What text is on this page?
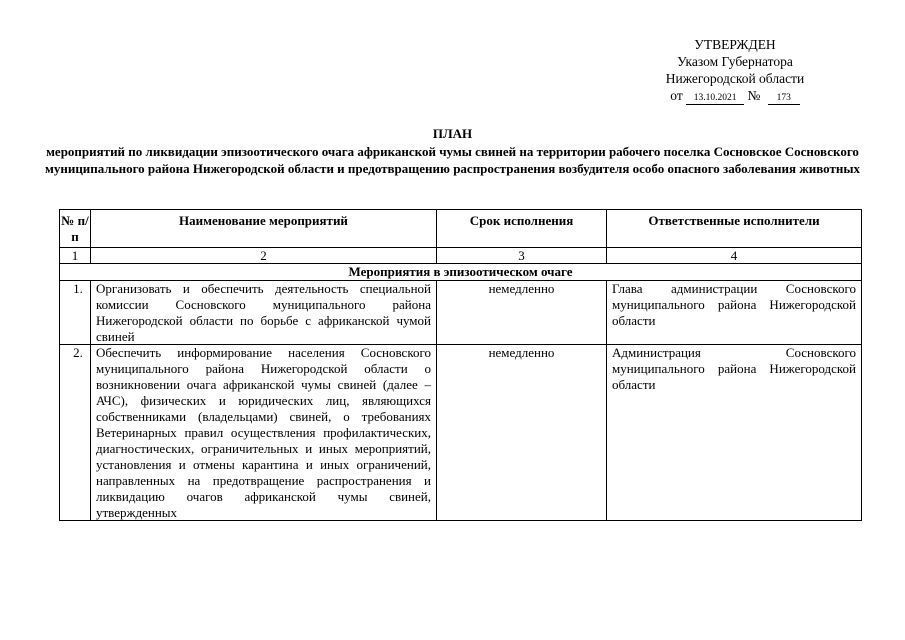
УТВЕРЖДЕН
Указом Губернатора
Нижегородской области
от 13.10.2021 № 173
ПЛАН
мероприятий по ликвидации эпизоотического очага африканской чумы свиней на территории рабочего поселка Сосновское Сосновского муниципального района Нижегородской области и предотвращению распространения возбудителя особо опасного заболевания животных
№ п/п	Наименование мероприятий	Срок исполнения	Ответственные исполнители
1	2	3	4
Мероприятия в эпизоотическом очаге			
1.	Организовать и обеспечить деятельность специальной комиссии Сосновского муниципального района Нижегородской области по борьбе с африканской чумой свиней	немедленно	Глава администрации Сосновского муниципального района Нижегородской области
2.	Обеспечить информирование населения Сосновского муниципального района Нижегородской области о возникновении очага африканской чумы свиней (далее – АЧС), физических и юридических лиц, являющихся собственниками (владельцами) свиней, о требованиях Ветеринарных правил осуществления профилактических, диагностических, ограничительных и иных мероприятий, установления и отмены карантина и иных ограничений, направленных на предотвращение распространения и ликвидацию очагов африканской чумы свиней, утвержденных	немедленно	Администрация Сосновского муниципального района Нижегородской области
